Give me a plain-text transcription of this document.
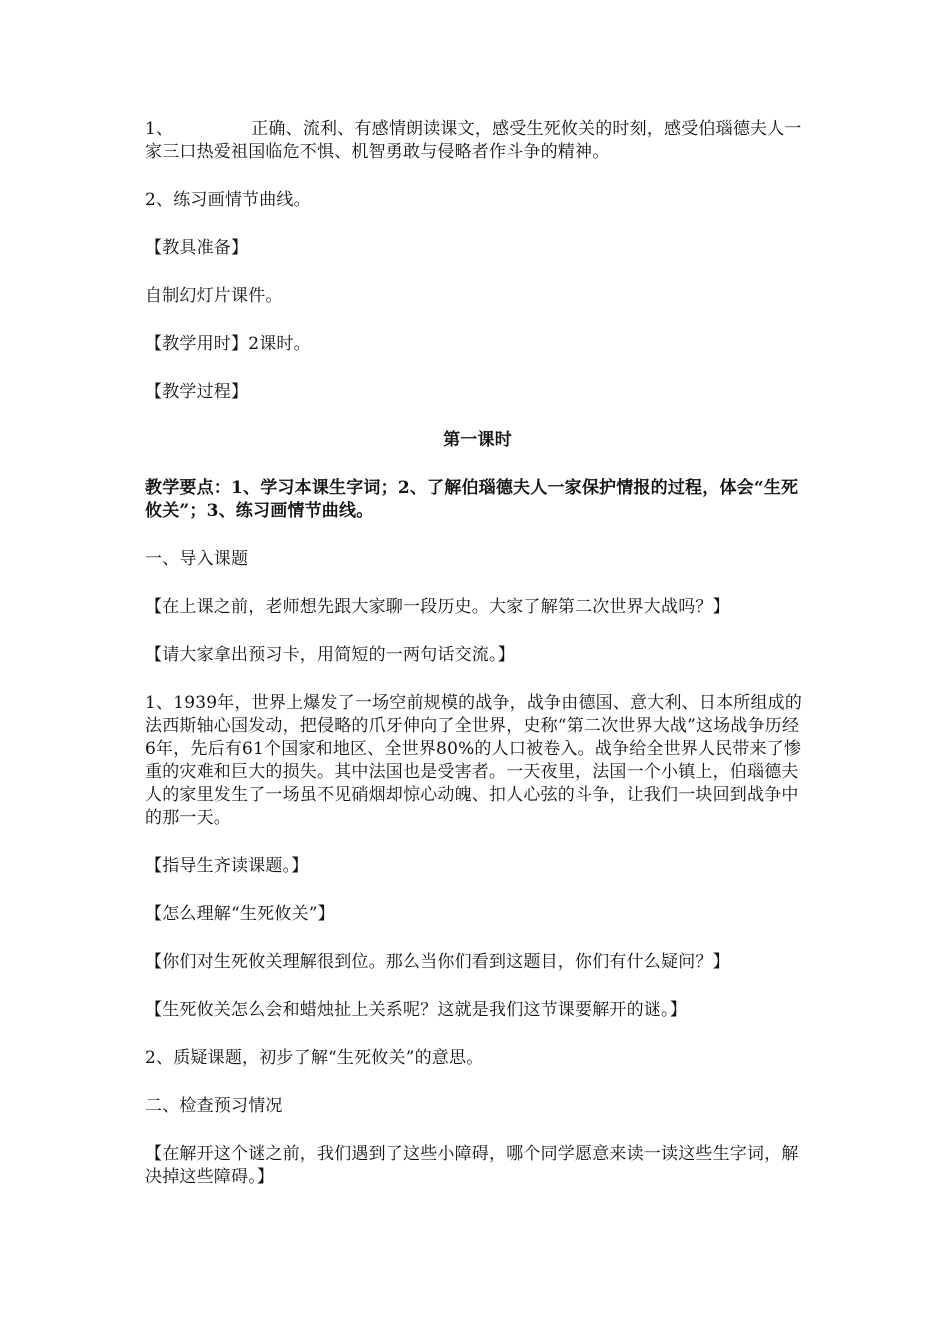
1、	正确、流利、有感情朗读课文，感受生死攸关的时刻，感受伯瑙德夫人一家三口热爱祖国临危不惧、机智勇敢与侵略者作斗争的精神。

2、练习画情节曲线。

【教具准备】

自制幻灯片课件。

【教学用时】2课时。

【教学过程】

第一课时

教学要点：1、学习本课生字词；2、了解伯瑙德夫人一家保护情报的过程，体会“生死攸关”；3、练习画情节曲线。

一、导入课题

【在上课之前，老师想先跟大家聊一段历史。大家了解第二次世界大战吗？】

【请大家拿出预习卡，用简短的一两句话交流。】

1、1939年，世界上爆发了一场空前规模的战争，战争由德国、意大利、日本所组成的法西斯轴心国发动，把侵略的爪牙伸向了全世界，史称“第二次世界大战”这场战争历经6年，先后有61个国家和地区、全世界80%的人口被卷入。战争给全世界人民带来了惨重的灾难和巨大的损失。其中法国也是受害者。一天夜里，法国一个小镇上，伯瑙德夫人的家里发生了一场虽不见硝烟却惊心动魄、扣人心弦的斗争，让我们一块回到战争中的那一天。

【指导生齐读课题。】

【怎么理解“生死攸关”】

【你们对生死攸关理解很到位。那么当你们看到这题目，你们有什么疑问？】

【生死攸关怎么会和蜡烛扯上关系呢？这就是我们这节课要解开的谜。】

2、质疑课题，初步了解“生死攸关”的意思。

二、检查预习情况

【在解开这个谜之前，我们遇到了这些小障碍，哪个同学愿意来读一读这些生字词，解决掉这些障碍。】
